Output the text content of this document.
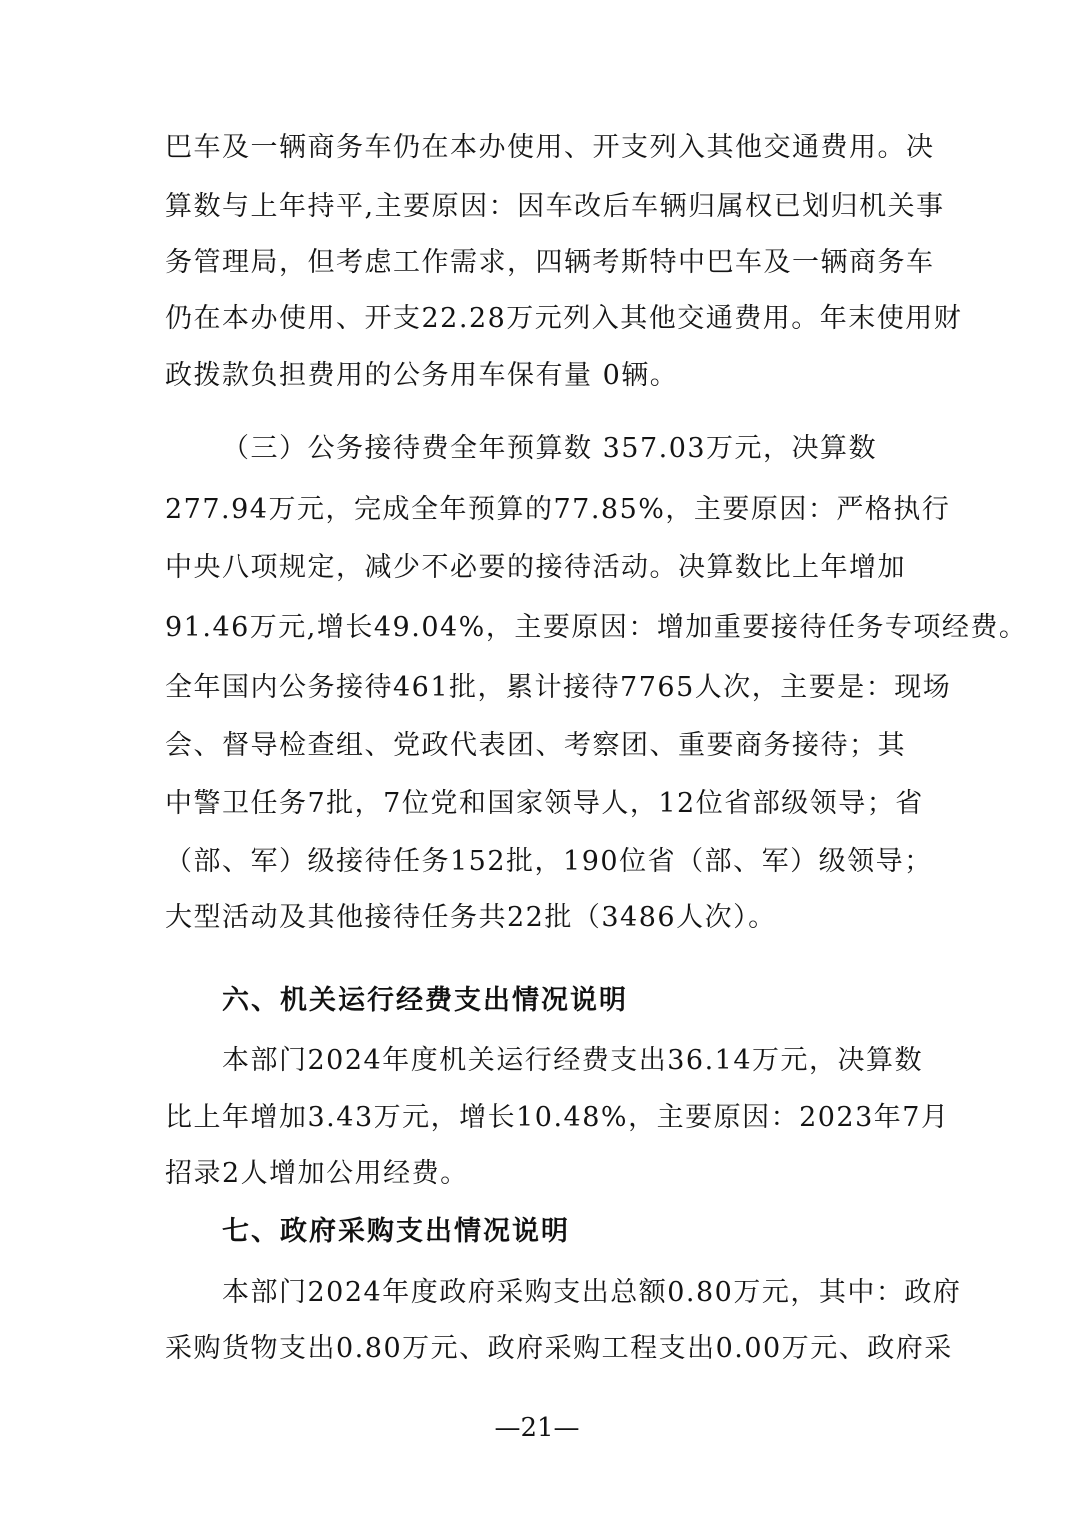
巴车及一辆商务车仍在本办使用、开支列入其他交通费用。决

算数与上年持平,主要原因：因车改后车辆归属权已划归机关事

务管理局，但考虑工作需求，四辆考斯特中巴车及一辆商务车

仍在本办使用、开支22.28万元列入其他交通费用。年末使用财

政拨款负担费用的公务用车保有量 0辆。

（三）公务接待费全年预算数 357.03万元，决算数

277.94万元，完成全年预算的77.85%，主要原因：严格执行

中央八项规定，减少不必要的接待活动。决算数比上年增加

91.46万元,增长49.04%，主要原因：增加重要接待任务专项经费。

全年国内公务接待461批，累计接待7765人次，主要是：现场

会、督导检查组、党政代表团、考察团、重要商务接待；其

中警卫任务7批，7位党和国家领导人，12位省部级领导；省

（部、军）级接待任务152批，190位省（部、军）级领导；

大型活动及其他接待任务共22批（3486人次）。

六、机关运行经费支出情况说明

本部门2024年度机关运行经费支出36.14万元，决算数

比上年增加3.43万元，增长10.48%，主要原因：2023年7月

招录2人增加公用经费。

七、政府采购支出情况说明

本部门2024年度政府采购支出总额0.80万元，其中：政府

采购货物支出0.80万元、政府采购工程支出0.00万元、政府采

—21—
